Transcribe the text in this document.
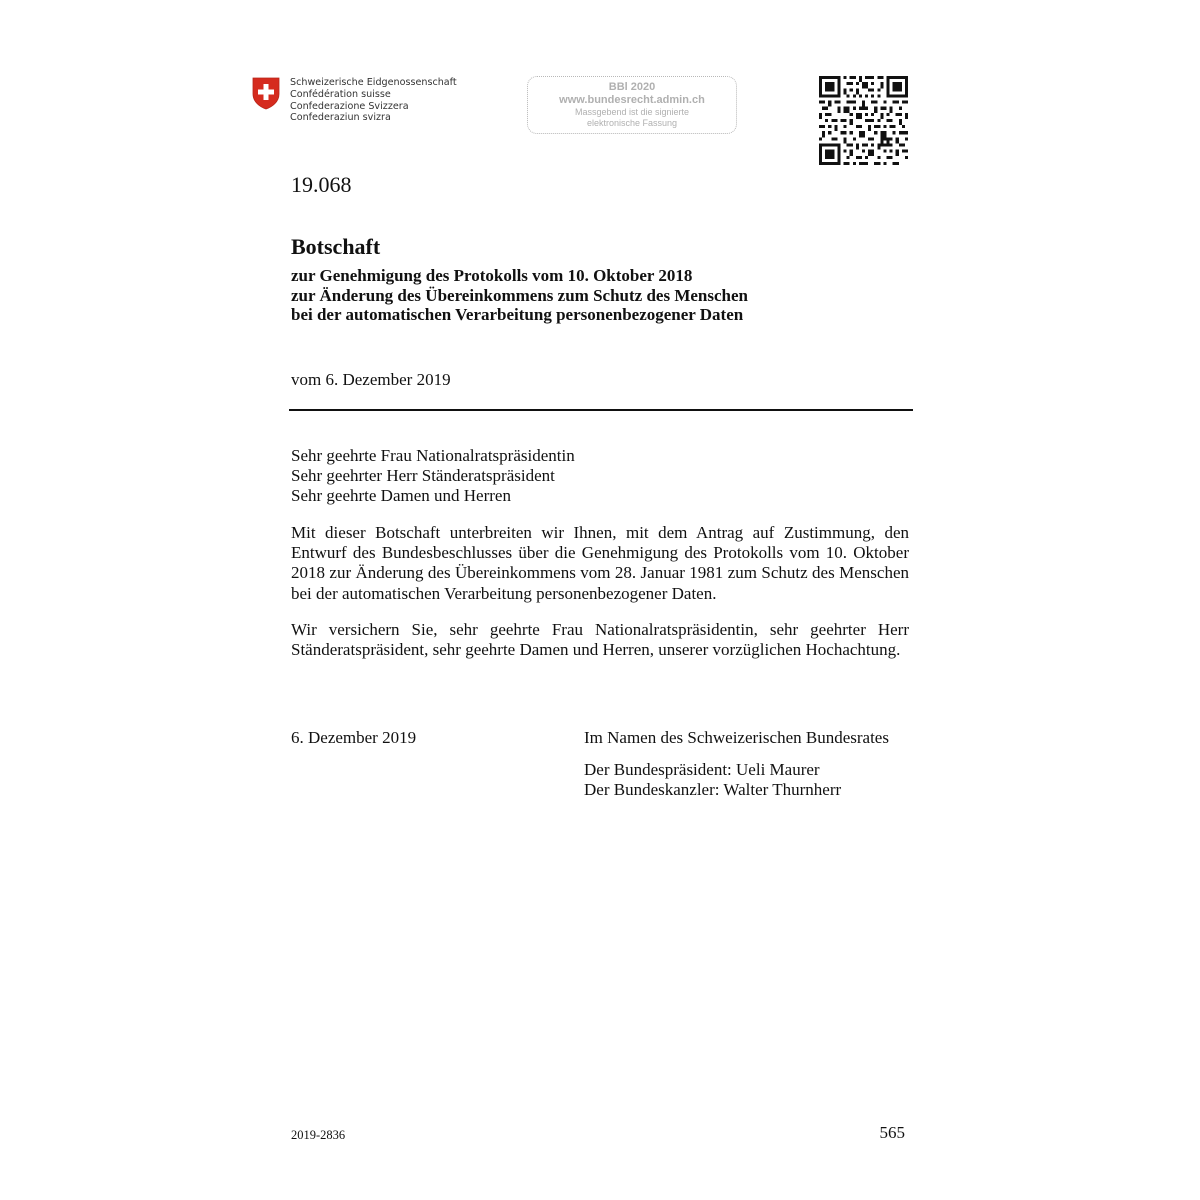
Schweizerische Eidgenossenschaft
Confédération suisse
Confederazione Svizzera
Confederaziun svizra
BBl 2020
www.bundesrecht.admin.ch
Massgebend ist die signierte
elektronische Fassung
19.068
Botschaft
zur Genehmigung des Protokolls vom 10. Oktober 2018
zur Änderung des Übereinkommens zum Schutz des Menschen
bei der automatischen Verarbeitung personenbezogener Daten
vom 6. Dezember 2019
Sehr geehrte Frau Nationalratspräsidentin
Sehr geehrter Herr Ständeratspräsident
Sehr geehrte Damen und Herren
Mit dieser Botschaft unterbreiten wir Ihnen, mit dem Antrag auf Zustimmung, den Entwurf des Bundesbeschlusses über die Genehmigung des Protokolls vom 10. Oktober 2018 zur Änderung des Übereinkommens vom 28. Januar 1981 zum Schutz des Menschen bei der automatischen Verarbeitung personenbezogener Daten.
Wir versichern Sie, sehr geehrte Frau Nationalratspräsidentin, sehr geehrter Herr Ständeratspräsident, sehr geehrte Damen und Herren, unserer vorzüglichen Hochachtung.
6. Dezember 2019	Im Namen des Schweizerischen Bundesrates
Der Bundespräsident: Ueli Maurer
Der Bundeskanzler: Walter Thurnherr
2019-2836	565
